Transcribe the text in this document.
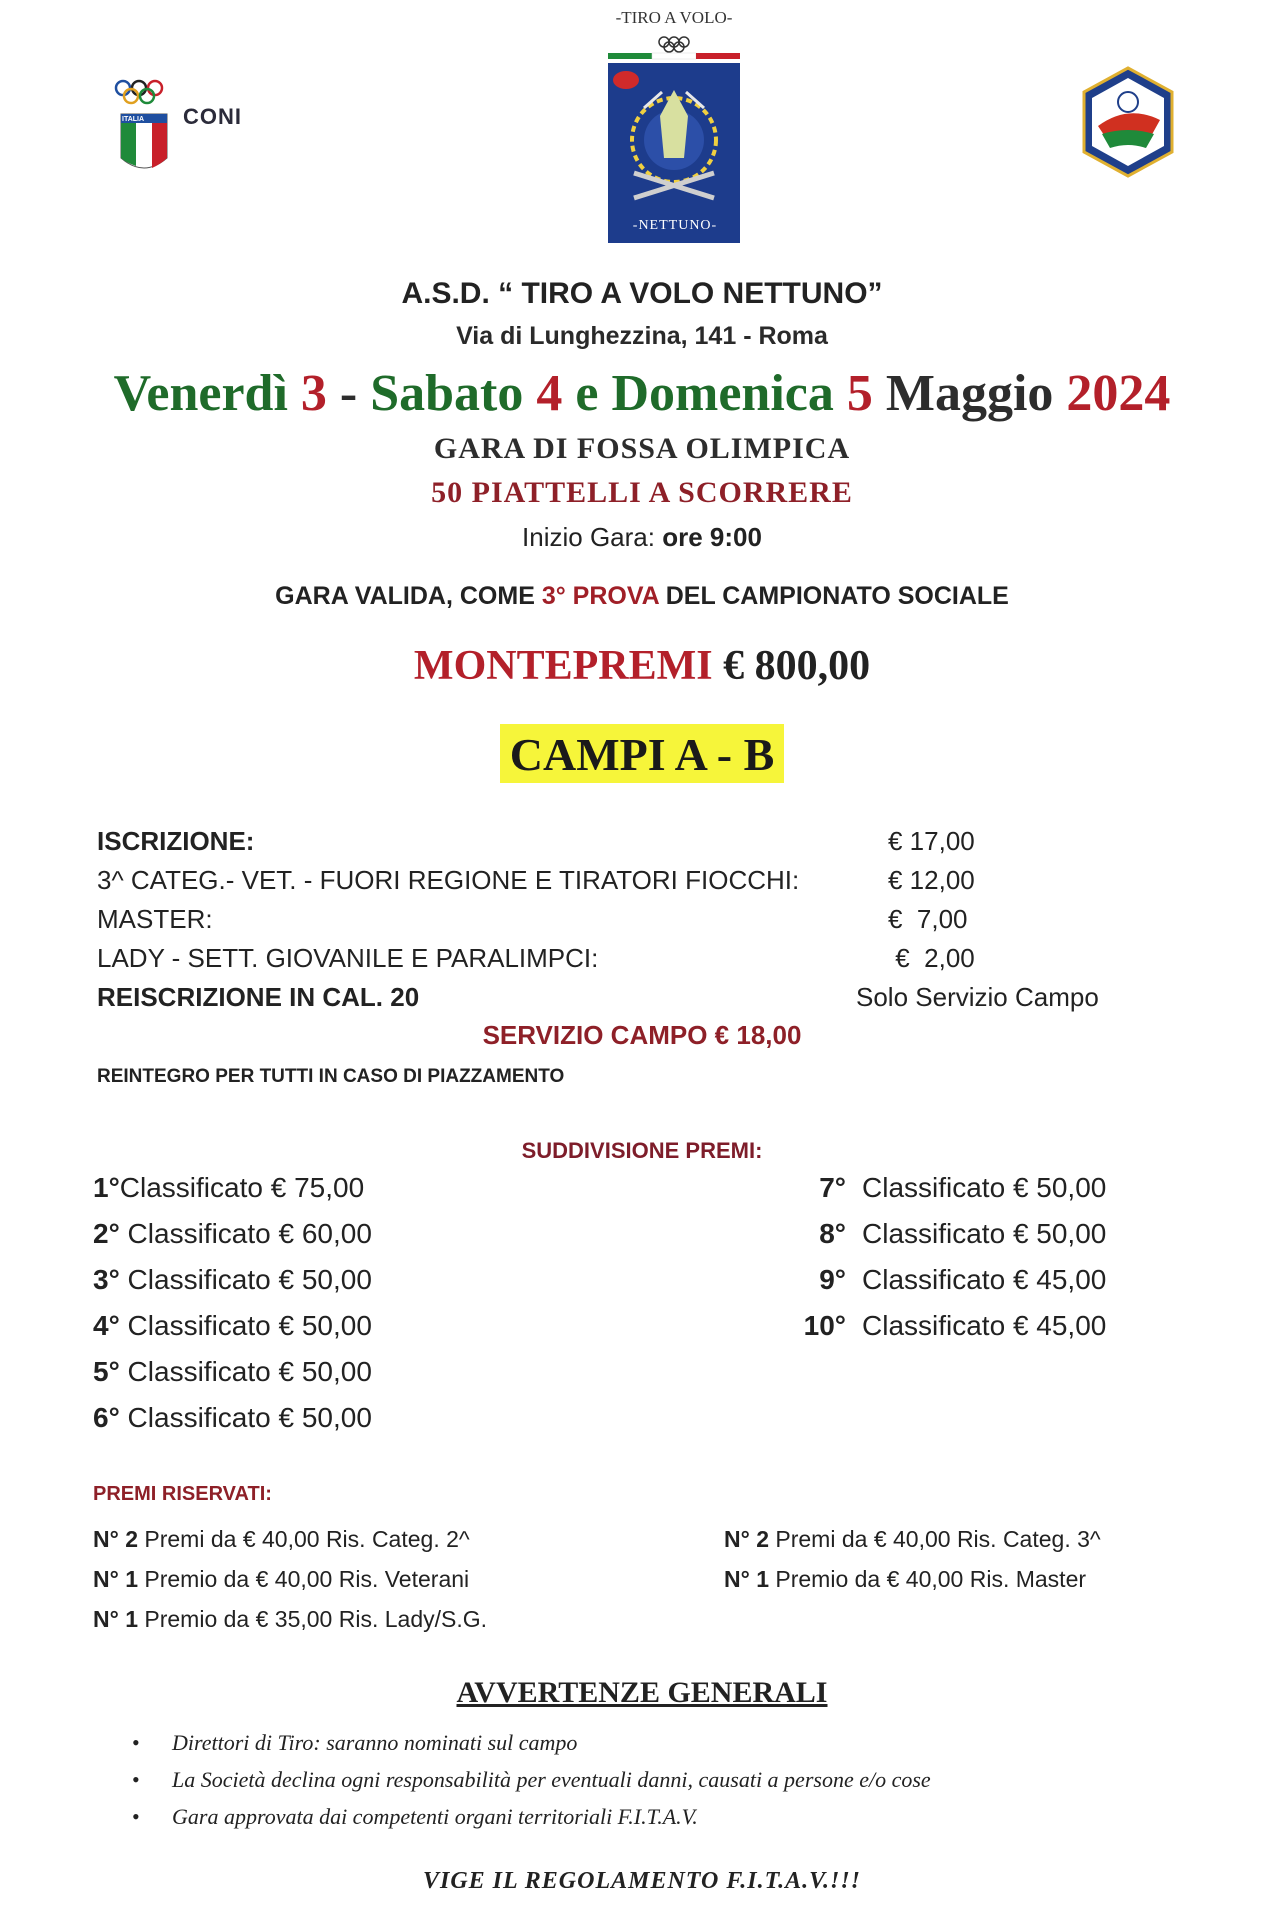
ITALIA CONI
-TIRO A VOLO-
-NETTUNO-
ITALIA
A.S.D. “ TIRO A VOLO NETTUNO”
Via di Lunghezzina, 141 - Roma
Venerdì 3 - Sabato 4 e Domenica 5 Maggio 2024
GARA DI FOSSA OLIMPICA
50 PIATTELLI A SCORRERE
Inizio Gara: ore 9:00
GARA VALIDA, COME 3° PROVA DEL CAMPIONATO SOCIALE
MONTEPREMI € 800,00
CAMPI A - B
ISCRIZIONE:	€ 17,00
3^ CATEG.- VET. - FUORI REGIONE E TIRATORI FIOCCHI:	€ 12,00
MASTER:	€  7,00
LADY - SETT. GIOVANILE E PARALIMPCI:	€  2,00
REISCRIZIONE IN CAL. 20	Solo Servizio Campo
SERVIZIO CAMPO € 18,00
REINTEGRO PER TUTTI IN CASO DI PIAZZAMENTO
SUDDIVISIONE PREMI:
1°Classificato € 75,00
2° Classificato € 60,00
3° Classificato € 50,00
4° Classificato € 50,00
5° Classificato € 50,00
6° Classificato € 50,00
7° Classificato € 50,00
8° Classificato € 50,00
9° Classificato € 45,00
10° Classificato € 45,00
PREMI RISERVATI:
N° 2 Premi da € 40,00 Ris. Categ. 2^
N° 1 Premio da € 40,00 Ris. Veterani
N° 1 Premio da € 35,00 Ris. Lady/S.G.
N° 2 Premi da € 40,00 Ris. Categ. 3^
N° 1 Premio da € 40,00 Ris. Master
AVVERTENZE GENERALI
• Direttori di Tiro: saranno nominati sul campo
• La Società declina ogni responsabilità per eventuali danni, causati a persone e/o cose
• Gara approvata dai competenti organi territoriali F.I.T.A.V.
VIGE IL REGOLAMENTO F.I.T.A.V.!!!
